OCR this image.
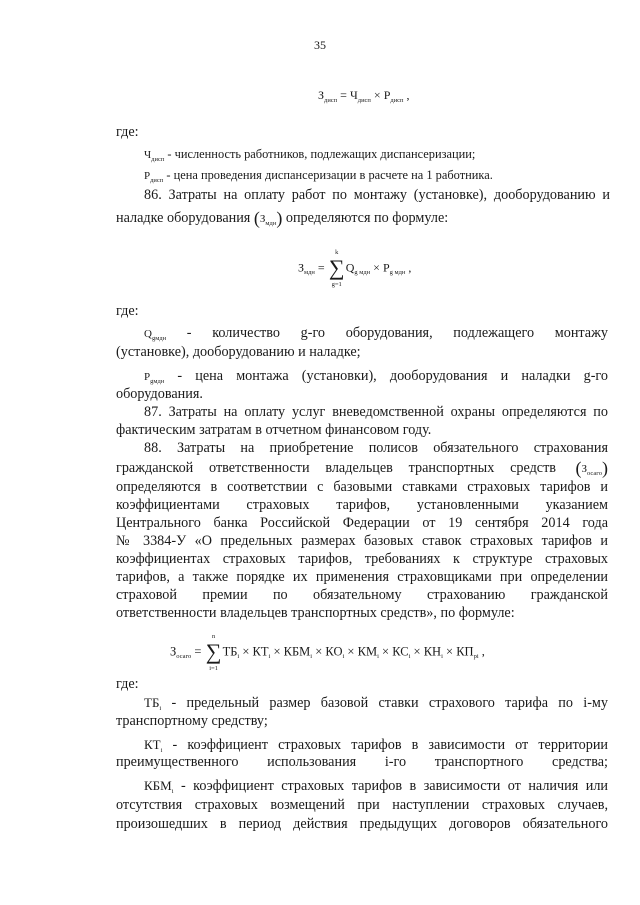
35
$З_{дисп} = Ч_{дисп} \times Р_{дисп}$ ,
где:
$Ч_{дисп}$ - численность работников, подлежащих диспансеризации;
$Р_{дисп}$ - цена проведения диспансеризации в расчете на 1 работника.
86. Затраты на оплату работ по монтажу (установке), дооборудованию и
наладке оборудования $(З_{мдн})$ определяются по формуле:
$З_{мдн}$ =
k
∑
g=1
$Q_{g мдн} \times P_{g мдн}$ ,
где:
$Q_{gмдн}$ - количество g-го оборудования, подлежащего монтажу
(установке), дооборудованию и наладке;
$P_{gмдн}$ - цена монтажа (установки), дооборудования и наладки g-го
оборудования.
87. Затраты на оплату услуг вневедомственной охраны определяются по
фактическим затратам в отчетном финансовом году.
88. Затраты на приобретение полисов обязательного страхования
гражданской ответственности владельцев транспортных средств $(З_{осаго})$
определяются в соответствии с базовыми ставками страховых тарифов и
коэффициентами страховых тарифов, установленными указанием
Центрального банка Российской Федерации от 19 сентября 2014 года
№ 3384-У «О предельных размерах базовых ставок страховых тарифов и
коэффициентах страховых тарифов, требованиях к структуре страховых
тарифов, а также порядке их применения страховщиками при определении
страховой премии по обязательному страхованию гражданской
ответственности владельцев транспортных средств», по формуле:
$З_{осаго}$ =
n
∑
i=1
$ТБ_i \times КТ_i \times КБМ_i \times КО_i \times КМ_i \times КС_i \times КН_i \times КП_{pi}$ ,
где:
$ТБ_i$ - предельный размер базовой ставки страхового тарифа по i-му
транспортному средству;
$КТ_i$ - коэффициент страховых тарифов в зависимости от территории
преимущественного использования i-го транспортного средства;
$КБМ_i$ - коэффициент страховых тарифов в зависимости от наличия или
отсутствия страховых возмещений при наступлении страховых случаев,
произошедших в период действия предыдущих договоров обязательного
